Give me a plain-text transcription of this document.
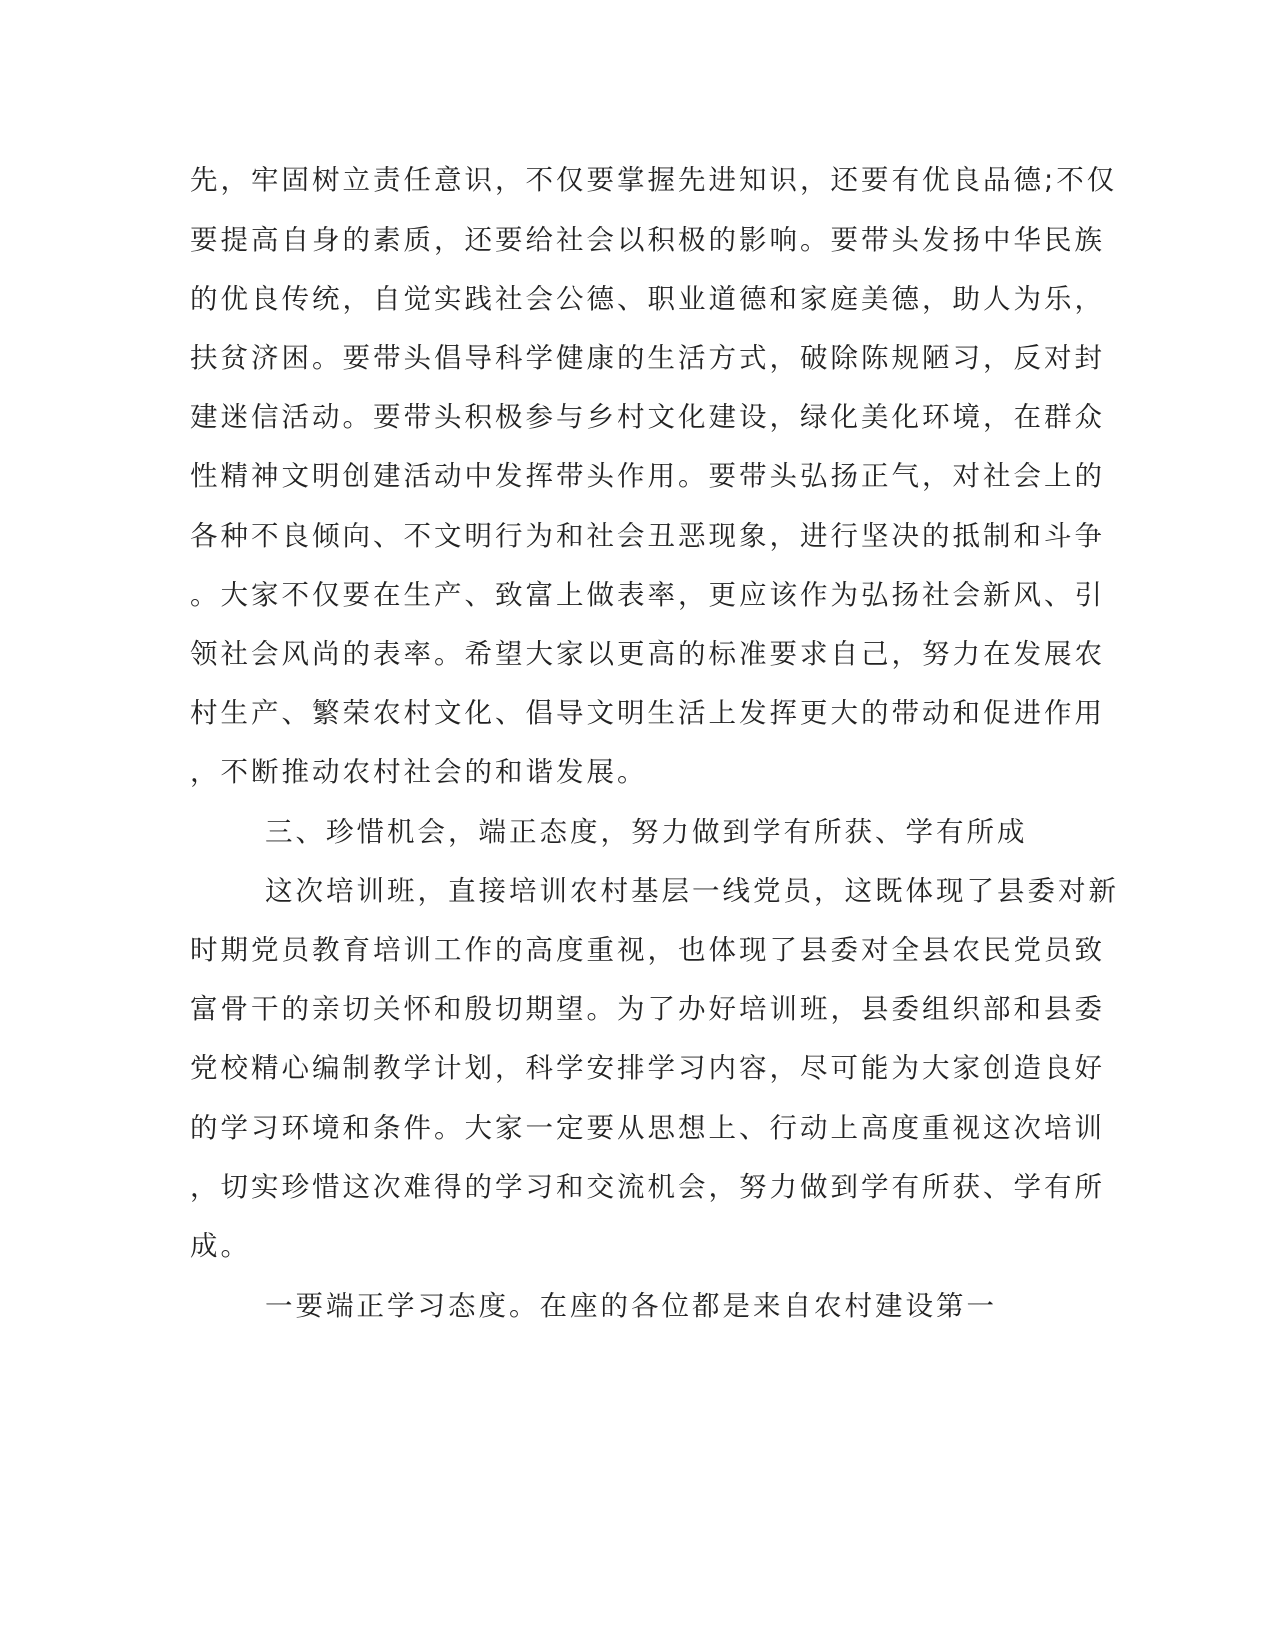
先，牢固树立责任意识，不仅要掌握先进知识，还要有优良品德;不仅

要提高自身的素质，还要给社会以积极的影响。要带头发扬中华民族

的优良传统，自觉实践社会公德、职业道德和家庭美德，助人为乐，

扶贫济困。要带头倡导科学健康的生活方式，破除陈规陋习，反对封

建迷信活动。要带头积极参与乡村文化建设，绿化美化环境，在群众

性精神文明创建活动中发挥带头作用。要带头弘扬正气，对社会上的

各种不良倾向、不文明行为和社会丑恶现象，进行坚决的抵制和斗争

。大家不仅要在生产、致富上做表率，更应该作为弘扬社会新风、引

领社会风尚的表率。希望大家以更高的标准要求自己，努力在发展农

村生产、繁荣农村文化、倡导文明生活上发挥更大的带动和促进作用

，不断推动农村社会的和谐发展。

三、珍惜机会，端正态度，努力做到学有所获、学有所成

这次培训班，直接培训农村基层一线党员，这既体现了县委对新

时期党员教育培训工作的高度重视，也体现了县委对全县农民党员致

富骨干的亲切关怀和殷切期望。为了办好培训班，县委组织部和县委

党校精心编制教学计划，科学安排学习内容，尽可能为大家创造良好

的学习环境和条件。大家一定要从思想上、行动上高度重视这次培训

，切实珍惜这次难得的学习和交流机会，努力做到学有所获、学有所

成。

一要端正学习态度。在座的各位都是来自农村建设第一
